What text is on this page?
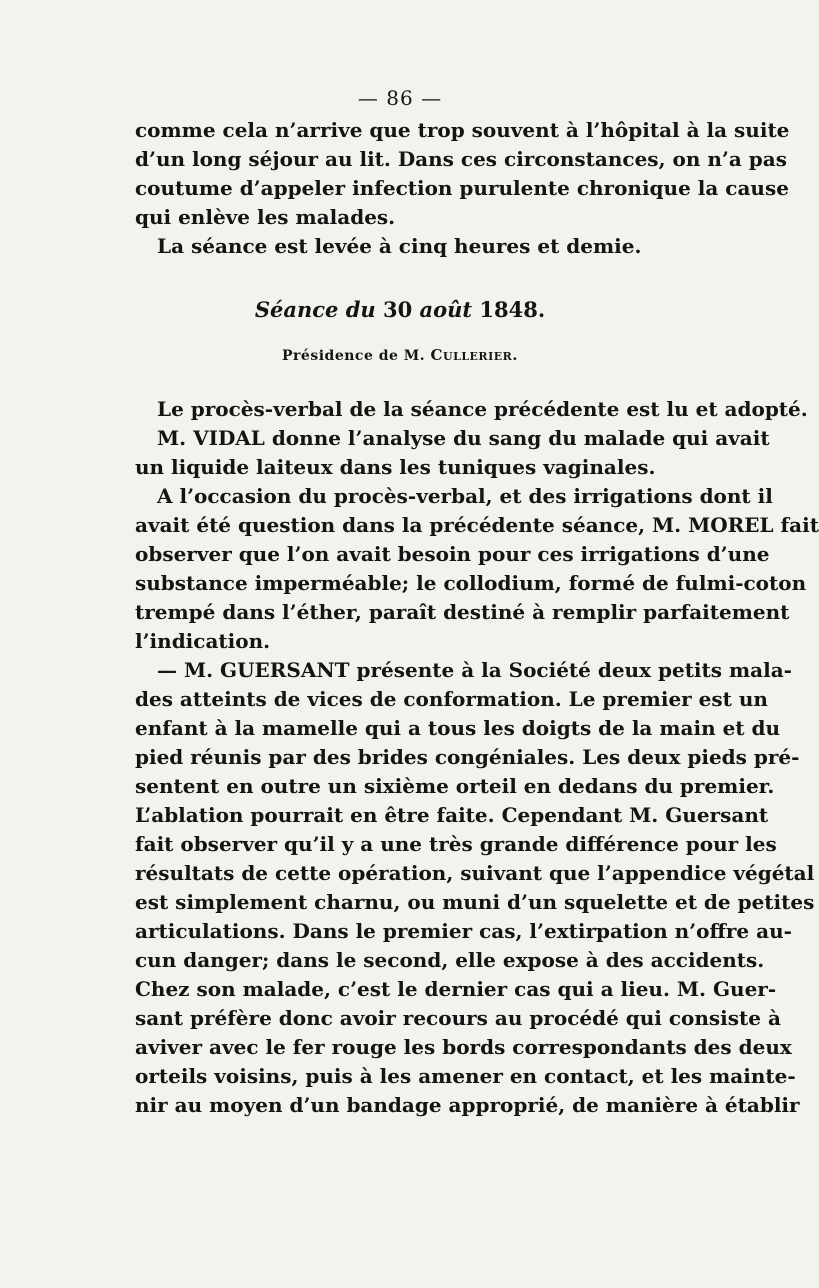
— 86 —
comme cela n’arrive que trop souvent à l’hôpital à la suite
d’un long séjour au lit. Dans ces circonstances, on n’a pas
coutume d’appeler infection purulente chronique la cause
qui enlève les malades.
La séance est levée à cinq heures et demie.
Séance du 30 août 1848.
Présidence de M. Cullerier.
Le procès-verbal de la séance précédente est lu et adopté.
M. VIDAL donne l’analyse du sang du malade qui avait
un liquide laiteux dans les tuniques vaginales.
A l’occasion du procès-verbal, et des irrigations dont il
avait été question dans la précédente séance, M. MOREL fait
observer que l’on avait besoin pour ces irrigations d’une
substance imperméable; le collodium, formé de fulmi-coton
trempé dans l’éther, paraît destiné à remplir parfaitement
l’indication.
— M. GUERSANT présente à la Société deux petits mala-
des atteints de vices de conformation. Le premier est un
enfant à la mamelle qui a tous les doigts de la main et du
pied réunis par des brides congéniales. Les deux pieds pré-
sentent en outre un sixième orteil en dedans du premier.
L’ablation pourrait en être faite. Cependant M. Guersant
fait observer qu’il y a une très grande différence pour les
résultats de cette opération, suivant que l’appendice végétal
est simplement charnu, ou muni d’un squelette et de petites
articulations. Dans le premier cas, l’extirpation n’offre au-
cun danger; dans le second, elle expose à des accidents.
Chez son malade, c’est le dernier cas qui a lieu. M. Guer-
sant préfère donc avoir recours au procédé qui consiste à
aviver avec le fer rouge les bords correspondants des deux
orteils voisins, puis à les amener en contact, et les mainte-
nir au moyen d’un bandage approprié, de manière à établir
